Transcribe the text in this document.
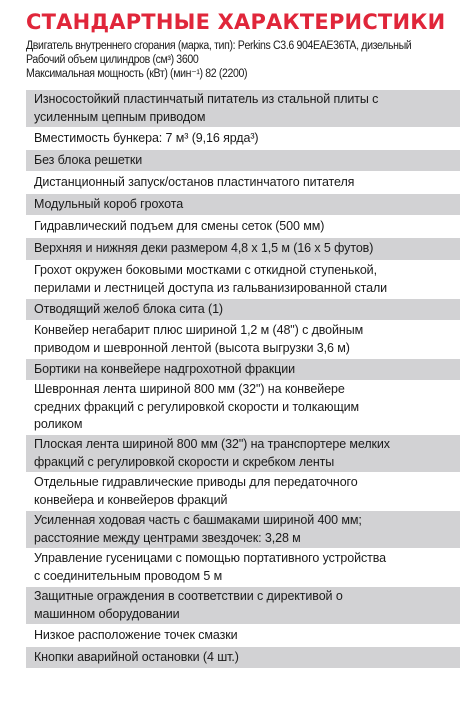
СТАНДАРТНЫЕ ХАРАКТЕРИСТИКИ
Двигатель внутреннего сгорания (марка, тип): Perkins C3.6 904EAE36TA, дизельный
Рабочий объем цилиндров (см³) 3600
Максимальная мощность (кВт) (мин⁻¹) 82 (2200)
Износостойкий пластинчатый питатель из стальной плиты с
усиленным цепным приводом
Вместимость бункера: 7 м³ (9,16 ярда³)
Без блока решетки
Дистанционный запуск/останов пластинчатого питателя
Модульный короб грохота
Гидравлический подъем для смены сеток (500 мм)
Верхняя и нижняя деки размером 4,8 х 1,5 м (16 х 5 футов)
Грохот окружен боковыми мостками с откидной ступенькой,
перилами и лестницей доступа из гальванизированной стали
Отводящий желоб блока сита (1)
Конвейер негабарит плюс шириной 1,2 м (48") с двойным
приводом и шевронной лентой (высота выгрузки 3,6 м)
Бортики на конвейере надгрохотной фракции
Шевронная лента шириной 800 мм (32") на конвейере
средних фракций с регулировкой скорости и толкающим
роликом
Плоская лента шириной 800 мм (32") на транспортере мелких
фракций с регулировкой скорости и скребком ленты
Отдельные гидравлические приводы для передаточного
конвейера и конвейеров фракций
Усиленная ходовая часть с башмаками шириной 400 мм;
расстояние между центрами звездочек: 3,28 м
Управление гусеницами с помощью портативного устройства
с соединительным проводом 5 м
Защитные ограждения в соответствии с директивой о
машинном оборудовании
Низкое расположение точек смазки
Кнопки аварийной остановки (4 шт.)
